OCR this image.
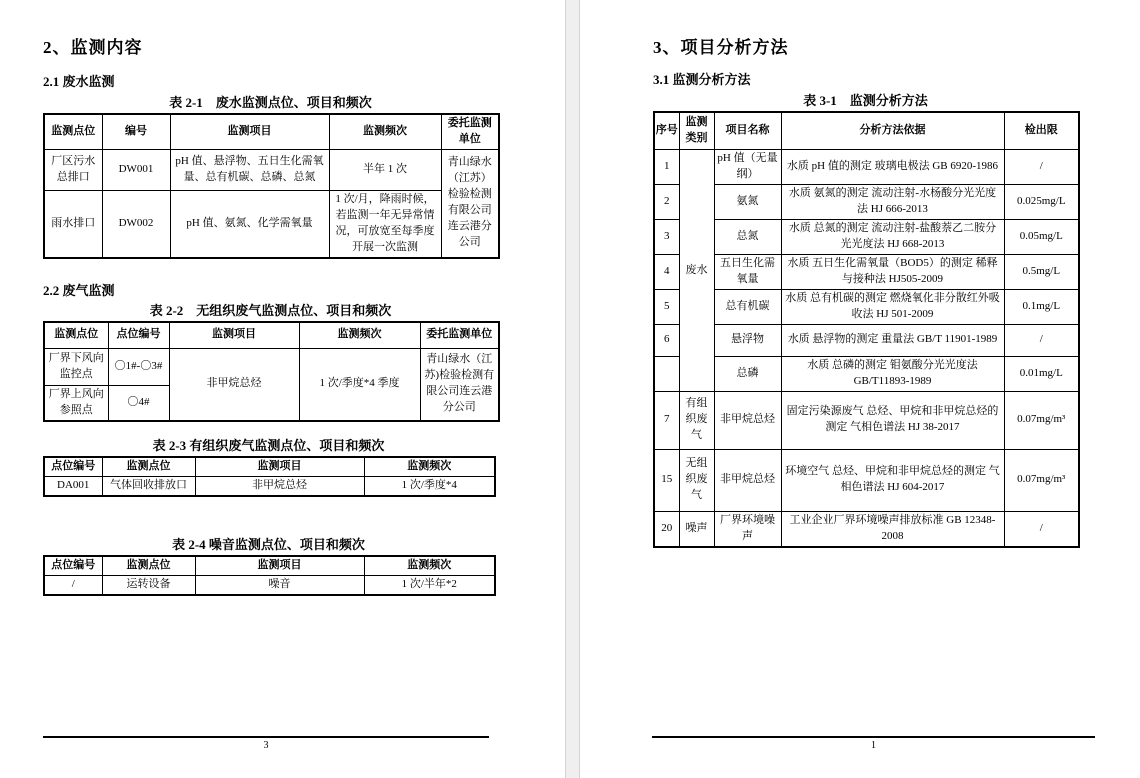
2、监测内容
2.1 废水监测
表 2-1　废水监测点位、项目和频次
监测点位	编号	监测项目	监测频次	委托监测单位
厂区污水总排口	DW001	pH 值、悬浮物、五日生化需氧量、总有机碳、总磷、总氮	半年 1 次	青山绿水（江苏）检验检测有限公司连云港分公司
雨水排口	DW002	pH 值、氨氮、化学需氧量	1 次/月，降雨时候，若监测一年无异常情况，可放宽至每季度开展一次监测	
2.2 废气监测
表 2-2　无组织废气监测点位、项目和频次
监测点位	点位编号	监测项目	监测频次	委托监测单位
厂界下风向监控点	〇1#-〇3#	非甲烷总烃	1 次/季度*4 季度	青山绿水（江苏)检验检测有限公司连云港分公司
厂界上风向参照点	〇4#			
表 2-3 有组织废气监测点位、项目和频次
点位编号	监测点位	监测项目	监测频次
DA001	气体回收排放口	非甲烷总烃	1 次/季度*4
表 2-4 噪音监测点位、项目和频次
点位编号	监测点位	监测项目	监测频次
/	运转设备	噪音	1 次/半年*2
3
3、项目分析方法
3.1 监测分析方法
表 3-1　监测分析方法
序号	监测类别	项目名称	分析方法依据	检出限
1	废水	pH 值（无量纲）	水质 pH 值的测定 玻璃电极法 GB 6920-1986	/
2		氨氮	水质 氨氮的测定 流动注射-水杨酸分光光度法 HJ 666-2013	0.025mg/L
3		总氮	水质 总氮的测定 流动注射-盐酸萘乙二胺分光光度法 HJ 668-2013	0.05mg/L
4		五日生化需氧量	水质 五日生化需氧量（BOD5）的测定 稀释与接种法 HJ505-2009	0.5mg/L
5		总有机碳	水质 总有机碳的测定 燃烧氧化非分散红外吸收法 HJ 501-2009	0.1mg/L
6		悬浮物	水质 悬浮物的测定 重量法 GB/T 11901-1989	/
		总磷	水质 总磷的测定 钼氨酸分光光度法 GB/T11893-1989	0.01mg/L
7	有组织废气	非甲烷总烃	固定污染源废气 总烃、甲烷和非甲烷总烃的测定 气相色谱法 HJ 38-2017	0.07mg/m³
15	无组织废气	非甲烷总烃	环境空气 总烃、甲烷和非甲烷总烃的测定 气相色谱法 HJ 604-2017	0.07mg/m³
20	噪声	厂界环境噪声	工业企业厂界环境噪声排放标准 GB 12348-2008	/
1
